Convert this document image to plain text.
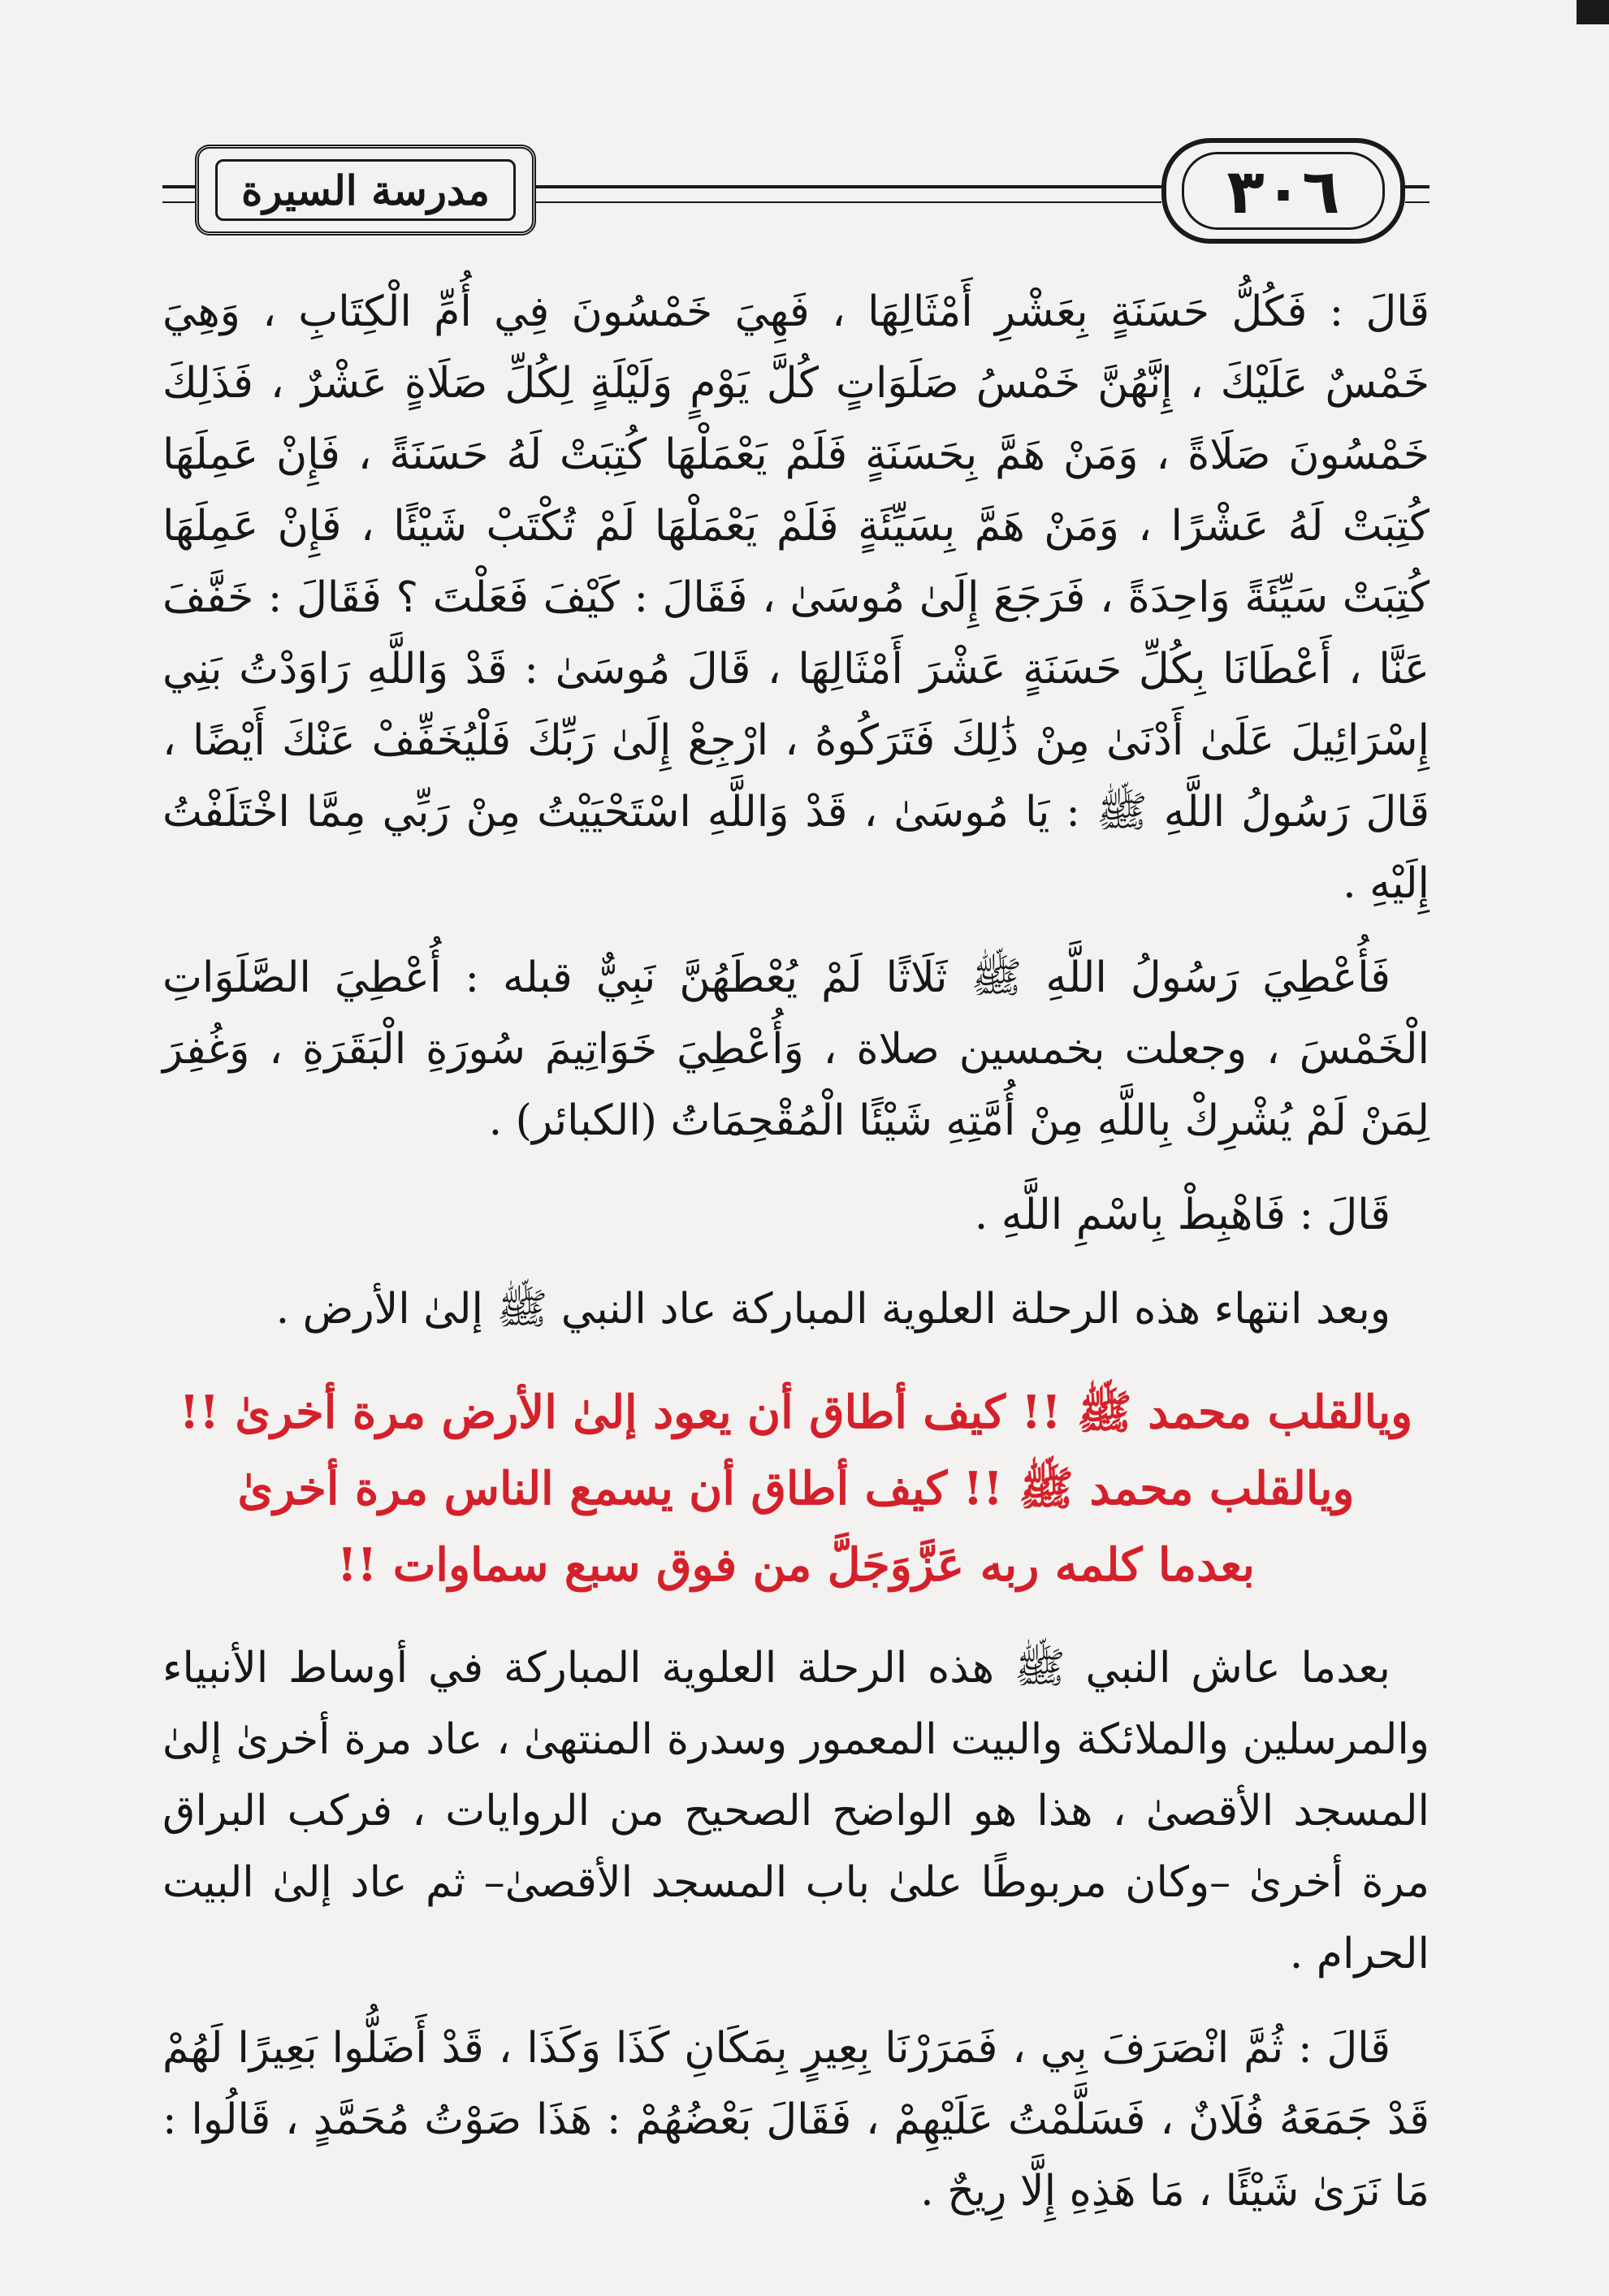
مدرسة السيرة	٣٠٦

قَالَ : فَكُلُّ حَسَنَةٍ بِعَشْرِ أَمْثَالِهَا ، فَهِيَ خَمْسُونَ فِي أُمِّ الْكِتَابِ ، وَهِيَ خَمْسٌ عَلَيْكَ ، إِنَّهُنَّ خَمْسُ صَلَوَاتٍ كُلَّ يَوْمٍ وَلَيْلَةٍ لِكُلِّ صَلَاةٍ عَشْرٌ ، فَذَلِكَ خَمْسُونَ صَلَاةً ، وَمَنْ هَمَّ بِحَسَنَةٍ فَلَمْ يَعْمَلْهَا كُتِبَتْ لَهُ حَسَنَةً ، فَإِنْ عَمِلَهَا كُتِبَتْ لَهُ عَشْرًا ، وَمَنْ هَمَّ بِسَيِّئَةٍ فَلَمْ يَعْمَلْهَا لَمْ تُكْتَبْ شَيْئًا ، فَإِنْ عَمِلَهَا كُتِبَتْ سَيِّئَةً وَاحِدَةً ، فَرَجَعَ إِلَىٰ مُوسَىٰ ، فَقَالَ : كَيْفَ فَعَلْتَ ؟ فَقَالَ : خَفَّفَ عَنَّا ، أَعْطَانَا بِكُلِّ حَسَنَةٍ عَشْرَ أَمْثَالِهَا ، قَالَ مُوسَىٰ : قَدْ وَاللَّهِ رَاوَدْتُ بَنِي إِسْرَائِيلَ عَلَىٰ أَدْنَىٰ مِنْ ذَٰلِكَ فَتَرَكُوهُ ، ارْجِعْ إِلَىٰ رَبِّكَ فَلْيُخَفِّفْ عَنْكَ أَيْضًا ، قَالَ رَسُولُ اللَّهِ ﷺ : يَا مُوسَىٰ ، قَدْ وَاللَّهِ اسْتَحْيَيْتُ مِنْ رَبِّي مِمَّا اخْتَلَفْتُ إِلَيْهِ .

فَأُعْطِيَ رَسُولُ اللَّهِ ﷺ ثَلَاثًا لَمْ يُعْطَهُنَّ نَبِيٌّ قبله : أُعْطِيَ الصَّلَوَاتِ الْخَمْسَ ، وجعلت بخمسين صلاة ، وَأُعْطِيَ خَوَاتِيمَ سُورَةِ الْبَقَرَةِ ، وَغُفِرَ لِمَنْ لَمْ يُشْرِكْ بِاللَّهِ مِنْ أُمَّتِهِ شَيْئًا الْمُقْحِمَاتُ (الكبائر) .

قَالَ : فَاهْبِطْ بِاسْمِ اللَّهِ .

وبعد انتهاء هذه الرحلة العلوية المباركة عاد النبي ﷺ إلىٰ الأرض .

ويالقلب محمد ﷺ !! كيف أطاق أن يعود إلىٰ الأرض مرة أخرىٰ !!

ويالقلب محمد ﷺ !! كيف أطاق أن يسمع الناس مرة أخرىٰ

بعدما كلمه ربه عَزَّوَجَلَّ من فوق سبع سماوات !!

بعدما عاش النبي ﷺ هذه الرحلة العلوية المباركة في أوساط الأنبياء والمرسلين والملائكة والبيت المعمور وسدرة المنتهىٰ ، عاد مرة أخرىٰ إلىٰ المسجد الأقصىٰ ، هذا هو الواضح الصحيح من الروايات ، فركب البراق مرة أخرىٰ –وكان مربوطًا علىٰ باب المسجد الأقصىٰ– ثم عاد إلىٰ البيت الحرام .

قَالَ : ثُمَّ انْصَرَفَ بِي ، فَمَرَرْنَا بِعِيرٍ بِمَكَانِ كَذَا وَكَذَا ، قَدْ أَضَلُّوا بَعِيرًا لَهُمْ قَدْ جَمَعَهُ فُلَانٌ ، فَسَلَّمْتُ عَلَيْهِمْ ، فَقَالَ بَعْضُهُمْ : هَذَا صَوْتُ مُحَمَّدٍ ، قَالُوا : مَا نَرَىٰ شَيْئًا ، مَا هَذِهِ إِلَّا رِيحٌ .
